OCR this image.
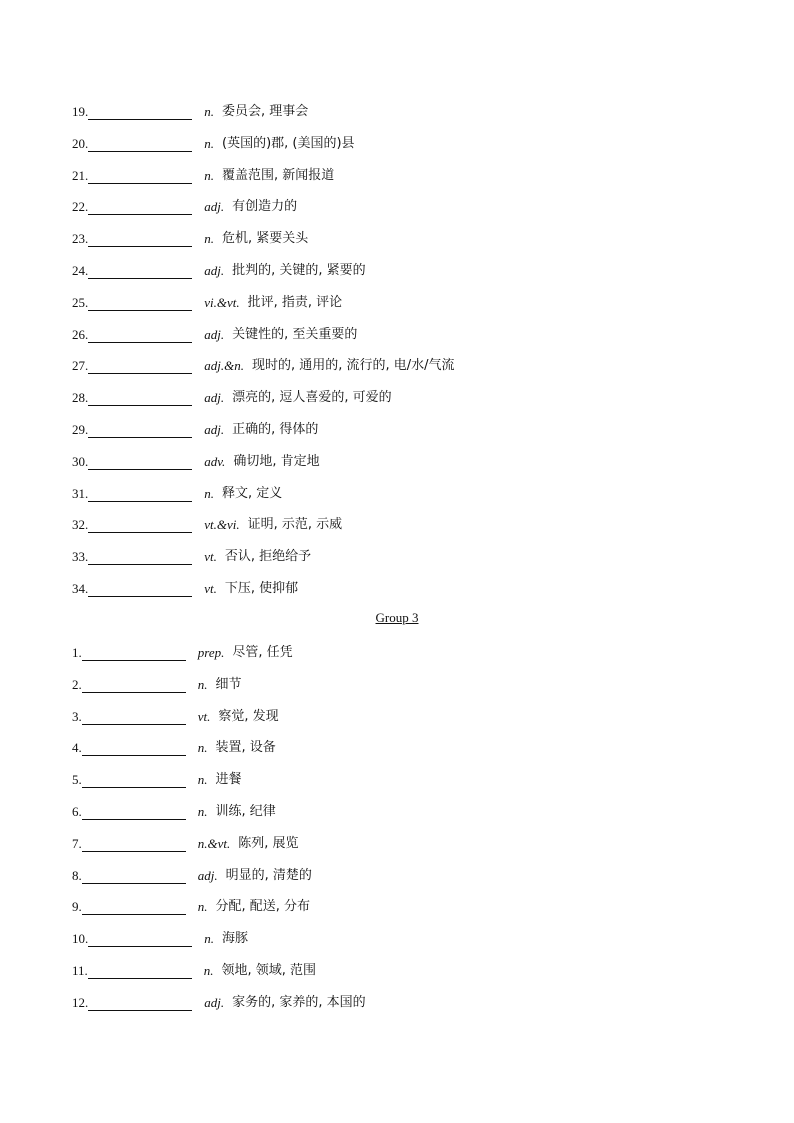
19.	n. 委员会, 理事会
20.	n. (英国的)郡, (美国的)县
21.	n. 覆盖范围, 新闻报道
22.	adj. 有创造力的
23.	n. 危机, 紧要关头
24.	adj. 批判的, 关键的, 紧要的
25.	vi.&vt. 批评, 指责, 评论
26.	adj. 关键性的, 至关重要的
27.	adj.&n. 现时的, 通用的, 流行的, 电/水/气流
28.	adj. 漂亮的, 逗人喜爱的, 可爱的
29.	adj. 正确的, 得体的
30.	adv. 确切地, 肯定地
31.	n. 释文, 定义
32.	vt.&vi. 证明, 示范, 示威
33.	vt. 否认, 拒绝给予
34.	vt. 下压, 使抑郁
Group 3
1.	prep. 尽管, 任凭
2.	n. 细节
3.	vt. 察觉, 发现
4.	n. 装置, 设备
5.	n. 进餐
6.	n. 训练, 纪律
7.	n.&vt. 陈列, 展览
8.	adj. 明显的, 清楚的
9.	n. 分配, 配送, 分布
10.	n. 海豚
11.	n. 领地, 领域, 范围
12.	adj. 家务的, 家养的, 本国的
